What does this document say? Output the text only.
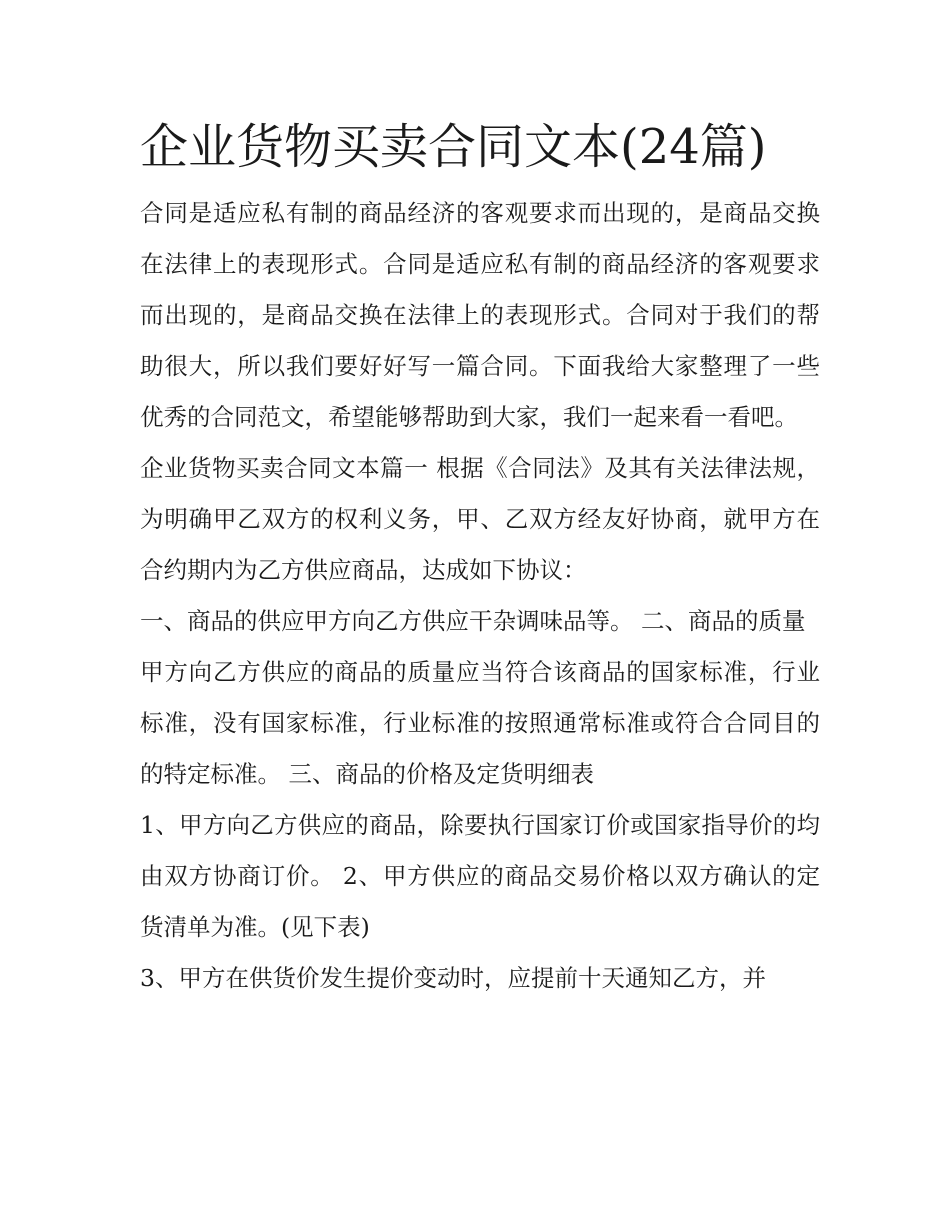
企业货物买卖合同文本(24篇)

合同是适应私有制的商品经济的客观要求而出现的，是商品交换在法律上的表现形式。合同是适应私有制的商品经济的客观要求而出现的，是商品交换在法律上的表现形式。合同对于我们的帮助很大，所以我们要好好写一篇合同。下面我给大家整理了一些优秀的合同范文，希望能够帮助到大家，我们一起来看一看吧。

企业货物买卖合同文本篇一 根据《合同法》及其有关法律法规，为明确甲乙双方的权利义务，甲、乙双方经友好协商，就甲方在合约期内为乙方供应商品，达成如下协议：

一、商品的供应甲方向乙方供应干杂调味品等。 二、商品的质量

甲方向乙方供应的商品的质量应当符合该商品的国家标准，行业标准，没有国家标准，行业标准的按照通常标准或符合合同目的的特定标准。 三、商品的价格及定货明细表

1、甲方向乙方供应的商品，除要执行国家订价或国家指导价的均由双方协商订价。 2、甲方供应的商品交易价格以双方确认的定货清单为准。(见下表)

3、甲方在供货价发生提价变动时，应提前十天通知乙方，并
